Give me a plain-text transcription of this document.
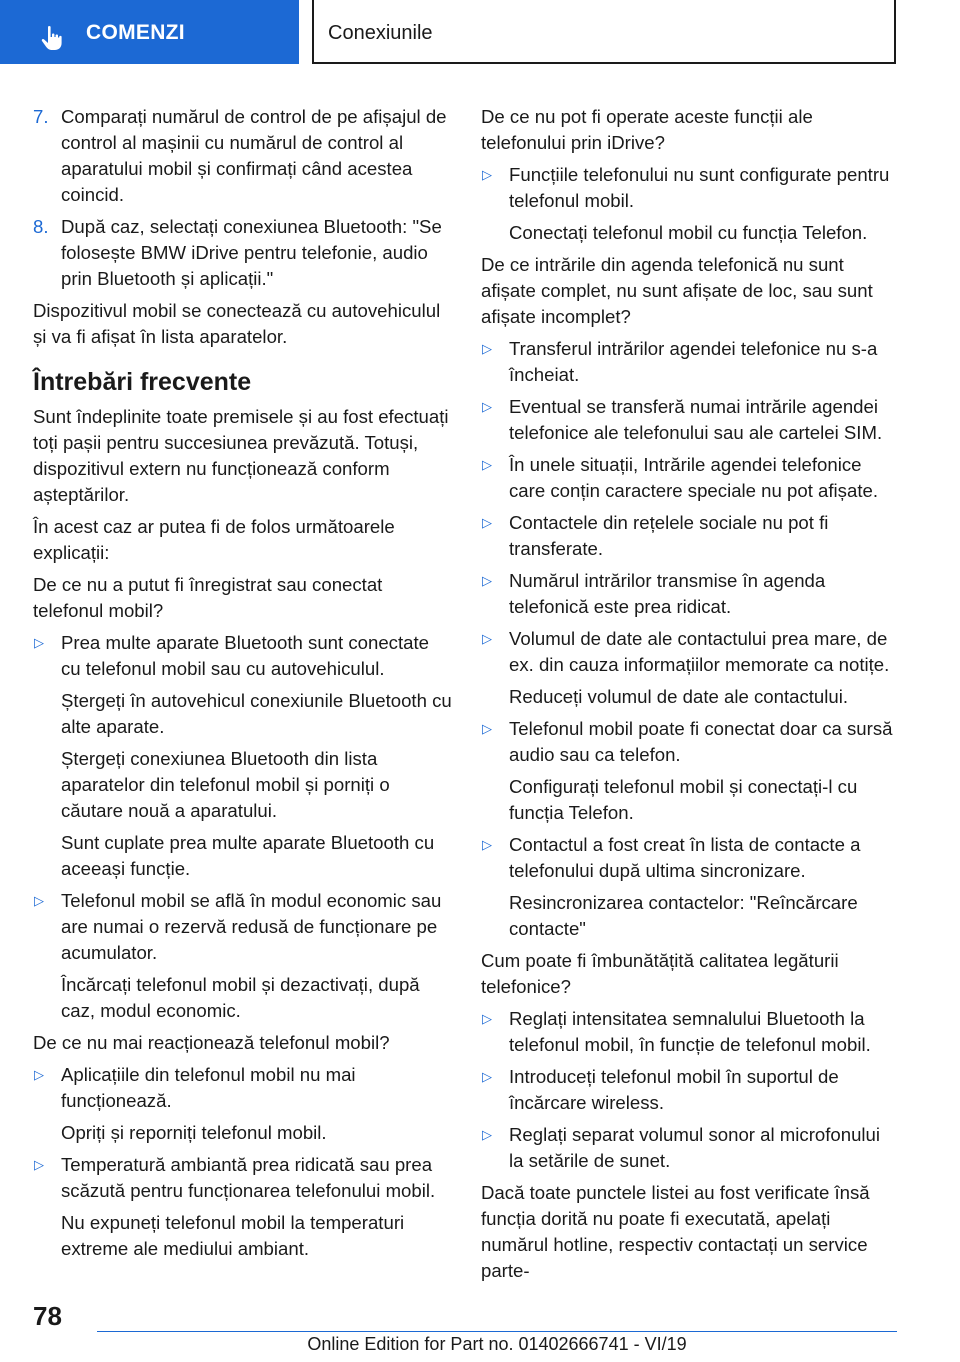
COMENZI	Conexiunile
7. Comparați numărul de control de pe afișajul de control al mașinii cu numărul de control al aparatului mobil și confirmați când acestea coincid.
8. După caz, selectați conexiunea Bluetooth: "Se folosește BMW iDrive pentru telefonie, audio prin Bluetooth și aplicații."
Dispozitivul mobil se conectează cu autovehiculul și va fi afișat în lista aparatelor.
Întrebări frecvente
Sunt îndeplinite toate premisele și au fost efectuați toți pașii pentru succesiunea prevăzută. Totuși, dispozitivul extern nu funcționează conform așteptărilor.
În acest caz ar putea fi de folos următoarele explicații:
De ce nu a putut fi înregistrat sau conectat telefonul mobil?
▷ Prea multe aparate Bluetooth sunt conectate cu telefonul mobil sau cu autovehiculul.
Ștergeți în autovehicul conexiunile Bluetooth cu alte aparate.
Ștergeți conexiunea Bluetooth din lista aparatelor din telefonul mobil și porniți o căutare nouă a aparatului.
Sunt cuplate prea multe aparate Bluetooth cu aceeași funcție.
▷ Telefonul mobil se află în modul economic sau are numai o rezervă redusă de funcționare pe acumulator.
Încărcați telefonul mobil și dezactivați, după caz, modul economic.
De ce nu mai reacționează telefonul mobil?
▷ Aplicațiile din telefonul mobil nu mai funcționează.
Opriți și reporniți telefonul mobil.
▷ Temperatură ambiantă prea ridicată sau prea scăzută pentru funcționarea telefonului mobil.
Nu expuneți telefonul mobil la temperaturi extreme ale mediului ambiant.
De ce nu pot fi operate aceste funcții ale telefonului prin iDrive?
▷ Funcțiile telefonului nu sunt configurate pentru telefonul mobil.
Conectați telefonul mobil cu funcția Telefon.
De ce intrările din agenda telefonică nu sunt afișate complet, nu sunt afișate de loc, sau sunt afișate incomplet?
▷ Transferul intrărilor agendei telefonice nu s-a încheiat.
▷ Eventual se transferă numai intrările agendei telefonice ale telefonului sau ale cartelei SIM.
▷ În unele situații, Intrările agendei telefonice care conțin caractere speciale nu pot afișate.
▷ Contactele din rețelele sociale nu pot fi transferate.
▷ Numărul intrărilor transmise în agenda telefonică este prea ridicat.
▷ Volumul de date ale contactului prea mare, de ex. din cauza informațiilor memorate ca notițe.
Reduceți volumul de date ale contactului.
▷ Telefonul mobil poate fi conectat doar ca sursă audio sau ca telefon.
Configurați telefonul mobil și conectați-l cu funcția Telefon.
▷ Contactul a fost creat în lista de contacte a telefonului după ultima sincronizare.
Resincronizarea contactelor: "Reîncărcare contacte"
Cum poate fi îmbunătățită calitatea legăturii telefonice?
▷ Reglați intensitatea semnalului Bluetooth la telefonul mobil, în funcție de telefonul mobil.
▷ Introduceți telefonul mobil în suportul de încărcare wireless.
▷ Reglați separat volumul sonor al microfonului la setările de sunet.
Dacă toate punctele listei au fost verificate însă funcția dorită nu poate fi executată, apelați numărul hotline, respectiv contactați un service parte-
78
Online Edition for Part no. 01402666741 - VI/19
